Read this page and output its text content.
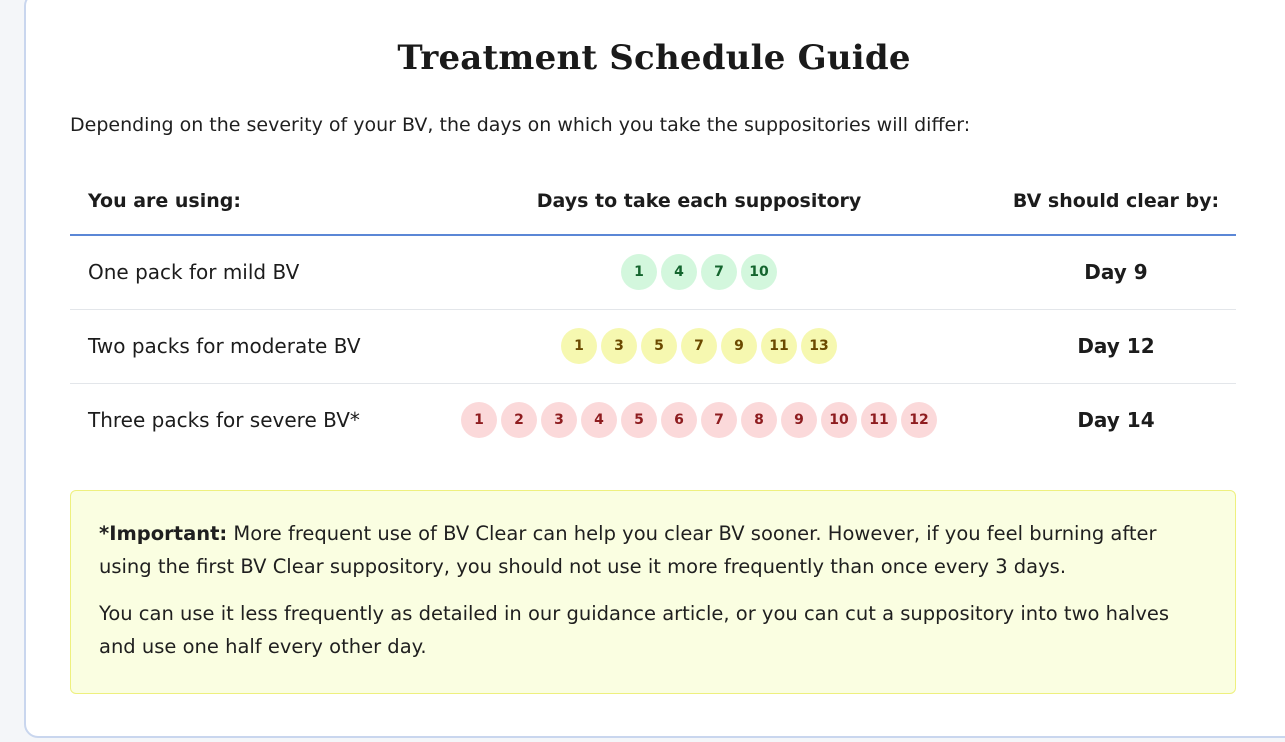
Treatment Schedule Guide

Depending on the severity of your BV, the days on which you take the suppositories will differ:

You are using:	Days to take each suppository	BV should clear by:
One pack for mild BV	1	4	7	10	Day 9
Two packs for moderate BV	1	3	5	7	9	11	13	Day 12
Three packs for severe BV*	1	2	3	4	5	6	7	8	9	10	11	12	Day 14

*Important: More frequent use of BV Clear can help you clear BV sooner. However, if you feel burning after using the first BV Clear suppository, you should not use it more frequently than once every 3 days.

You can use it less frequently as detailed in our guidance article, or you can cut a suppository into two halves and use one half every other day.
